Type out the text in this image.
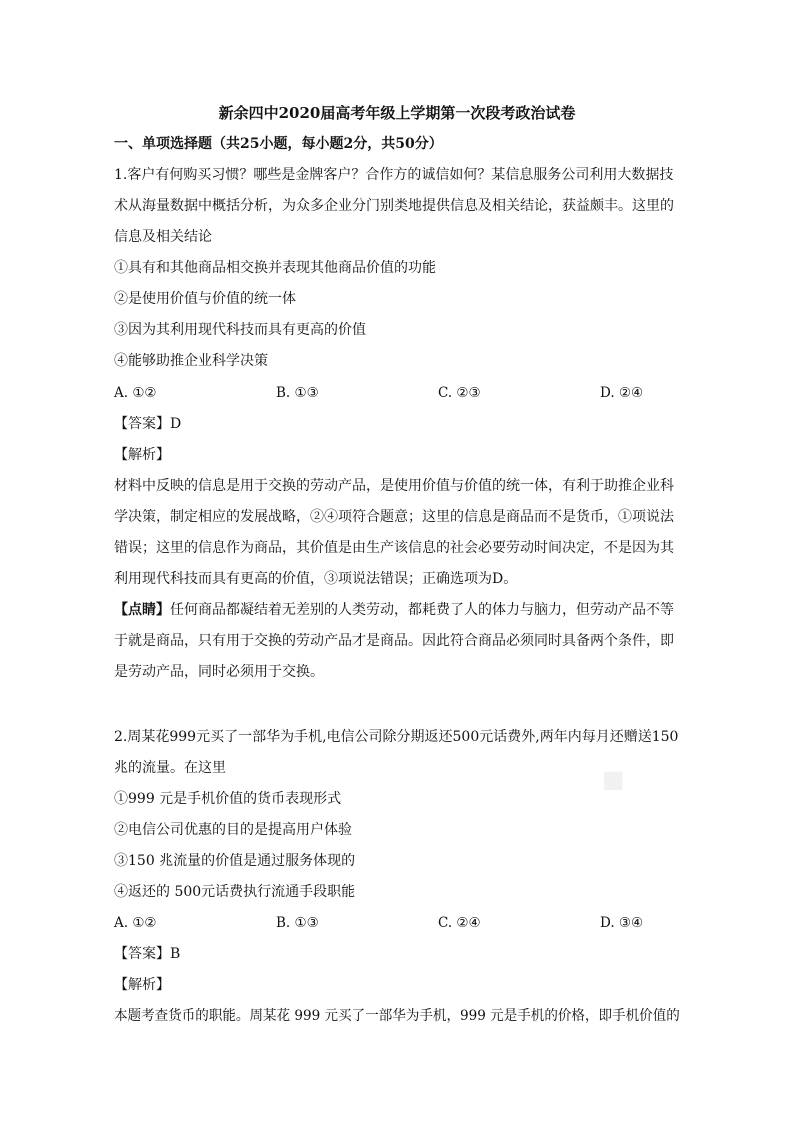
■
新余四中2020届高考年级上学期第一次段考政治试卷
一、单项选择题（共25小题，每小题2分，共50分）
1.客户有何购买习惯？哪些是金牌客户？合作方的诚信如何？某信息服务公司利用大数据技
术从海量数据中概括分析，为众多企业分门别类地提供信息及相关结论，获益颇丰。这里的
信息及相关结论
①具有和其他商品相交换并表现其他商品价值的功能
②是使用价值与价值的统一体
③因为其利用现代科技而具有更高的价值
④能够助推企业科学决策
A. ①②	B. ①③	C. ②③	D. ②④
【答案】D
【解析】
材料中反映的信息是用于交换的劳动产品，是使用价值与价值的统一体，有利于助推企业科
学决策，制定相应的发展战略，②④项符合题意；这里的信息是商品而不是货币，①项说法
错误；这里的信息作为商品，其价值是由生产该信息的社会必要劳动时间决定，不是因为其
利用现代科技而具有更高的价值，③项说法错误；正确选项为D。
【点睛】任何商品都凝结着无差别的人类劳动，都耗费了人的体力与脑力，但劳动产品不等
于就是商品，只有用于交换的劳动产品才是商品。因此符合商品必须同时具备两个条件，即
是劳动产品，同时必须用于交换。
2.周某花999元买了一部华为手机,电信公司除分期返还500元话费外,两年内每月还赠送150
兆的流量。在这里
①999 元是手机价值的货币表现形式
②电信公司优惠的目的是提高用户体验
③150 兆流量的价值是通过服务体现的
④返还的 500元话费执行流通手段职能
A. ①②	B. ①③	C. ②④	D. ③④
【答案】B
【解析】
本题考查货币的职能。周某花 999 元买了一部华为手机，999 元是手机的价格，即手机价值的
